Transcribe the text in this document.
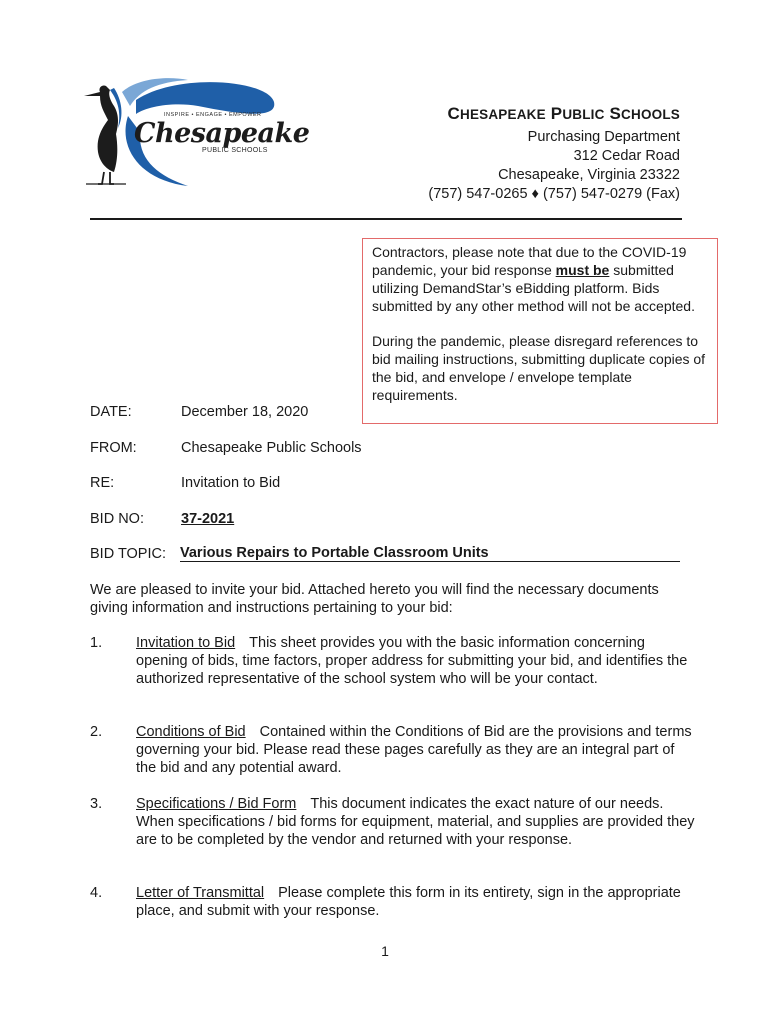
INSPIRE • ENGAGE • EMPOWER
Chesapeake
PUBLIC SCHOOLS
CHESAPEAKE PUBLIC SCHOOLS
Purchasing Department
312 Cedar Road
Chesapeake, Virginia 23322
(757) 547-0265 ♦ (757) 547-0279 (Fax)

Contractors, please note that due to the COVID-19 pandemic, your bid response must be submitted utilizing DemandStar’s eBidding platform. Bids submitted by any other method will not be accepted.

During the pandemic, please disregard references to bid mailing instructions, submitting duplicate copies of the bid, and envelope / envelope template requirements.

DATE:	December 18, 2020
FROM:	Chesapeake Public Schools
RE:	Invitation to Bid
BID NO:	37-2021
BID TOPIC: Various Repairs to Portable Classroom Units

We are pleased to invite your bid. Attached hereto you will find the necessary documents giving information and instructions pertaining to your bid:

1. Invitation to Bid This sheet provides you with the basic information concerning opening of bids, time factors, proper address for submitting your bid, and identifies the authorized representative of the school system who will be your contact.

2. Conditions of Bid Contained within the Conditions of Bid are the provisions and terms governing your bid. Please read these pages carefully as they are an integral part of the bid and any potential award.

3. Specifications / Bid Form This document indicates the exact nature of our needs. When specifications / bid forms for equipment, material, and supplies are provided they are to be completed by the vendor and returned with your response.

4. Letter of Transmittal Please complete this form in its entirety, sign in the appropriate place, and submit with your response.

1
